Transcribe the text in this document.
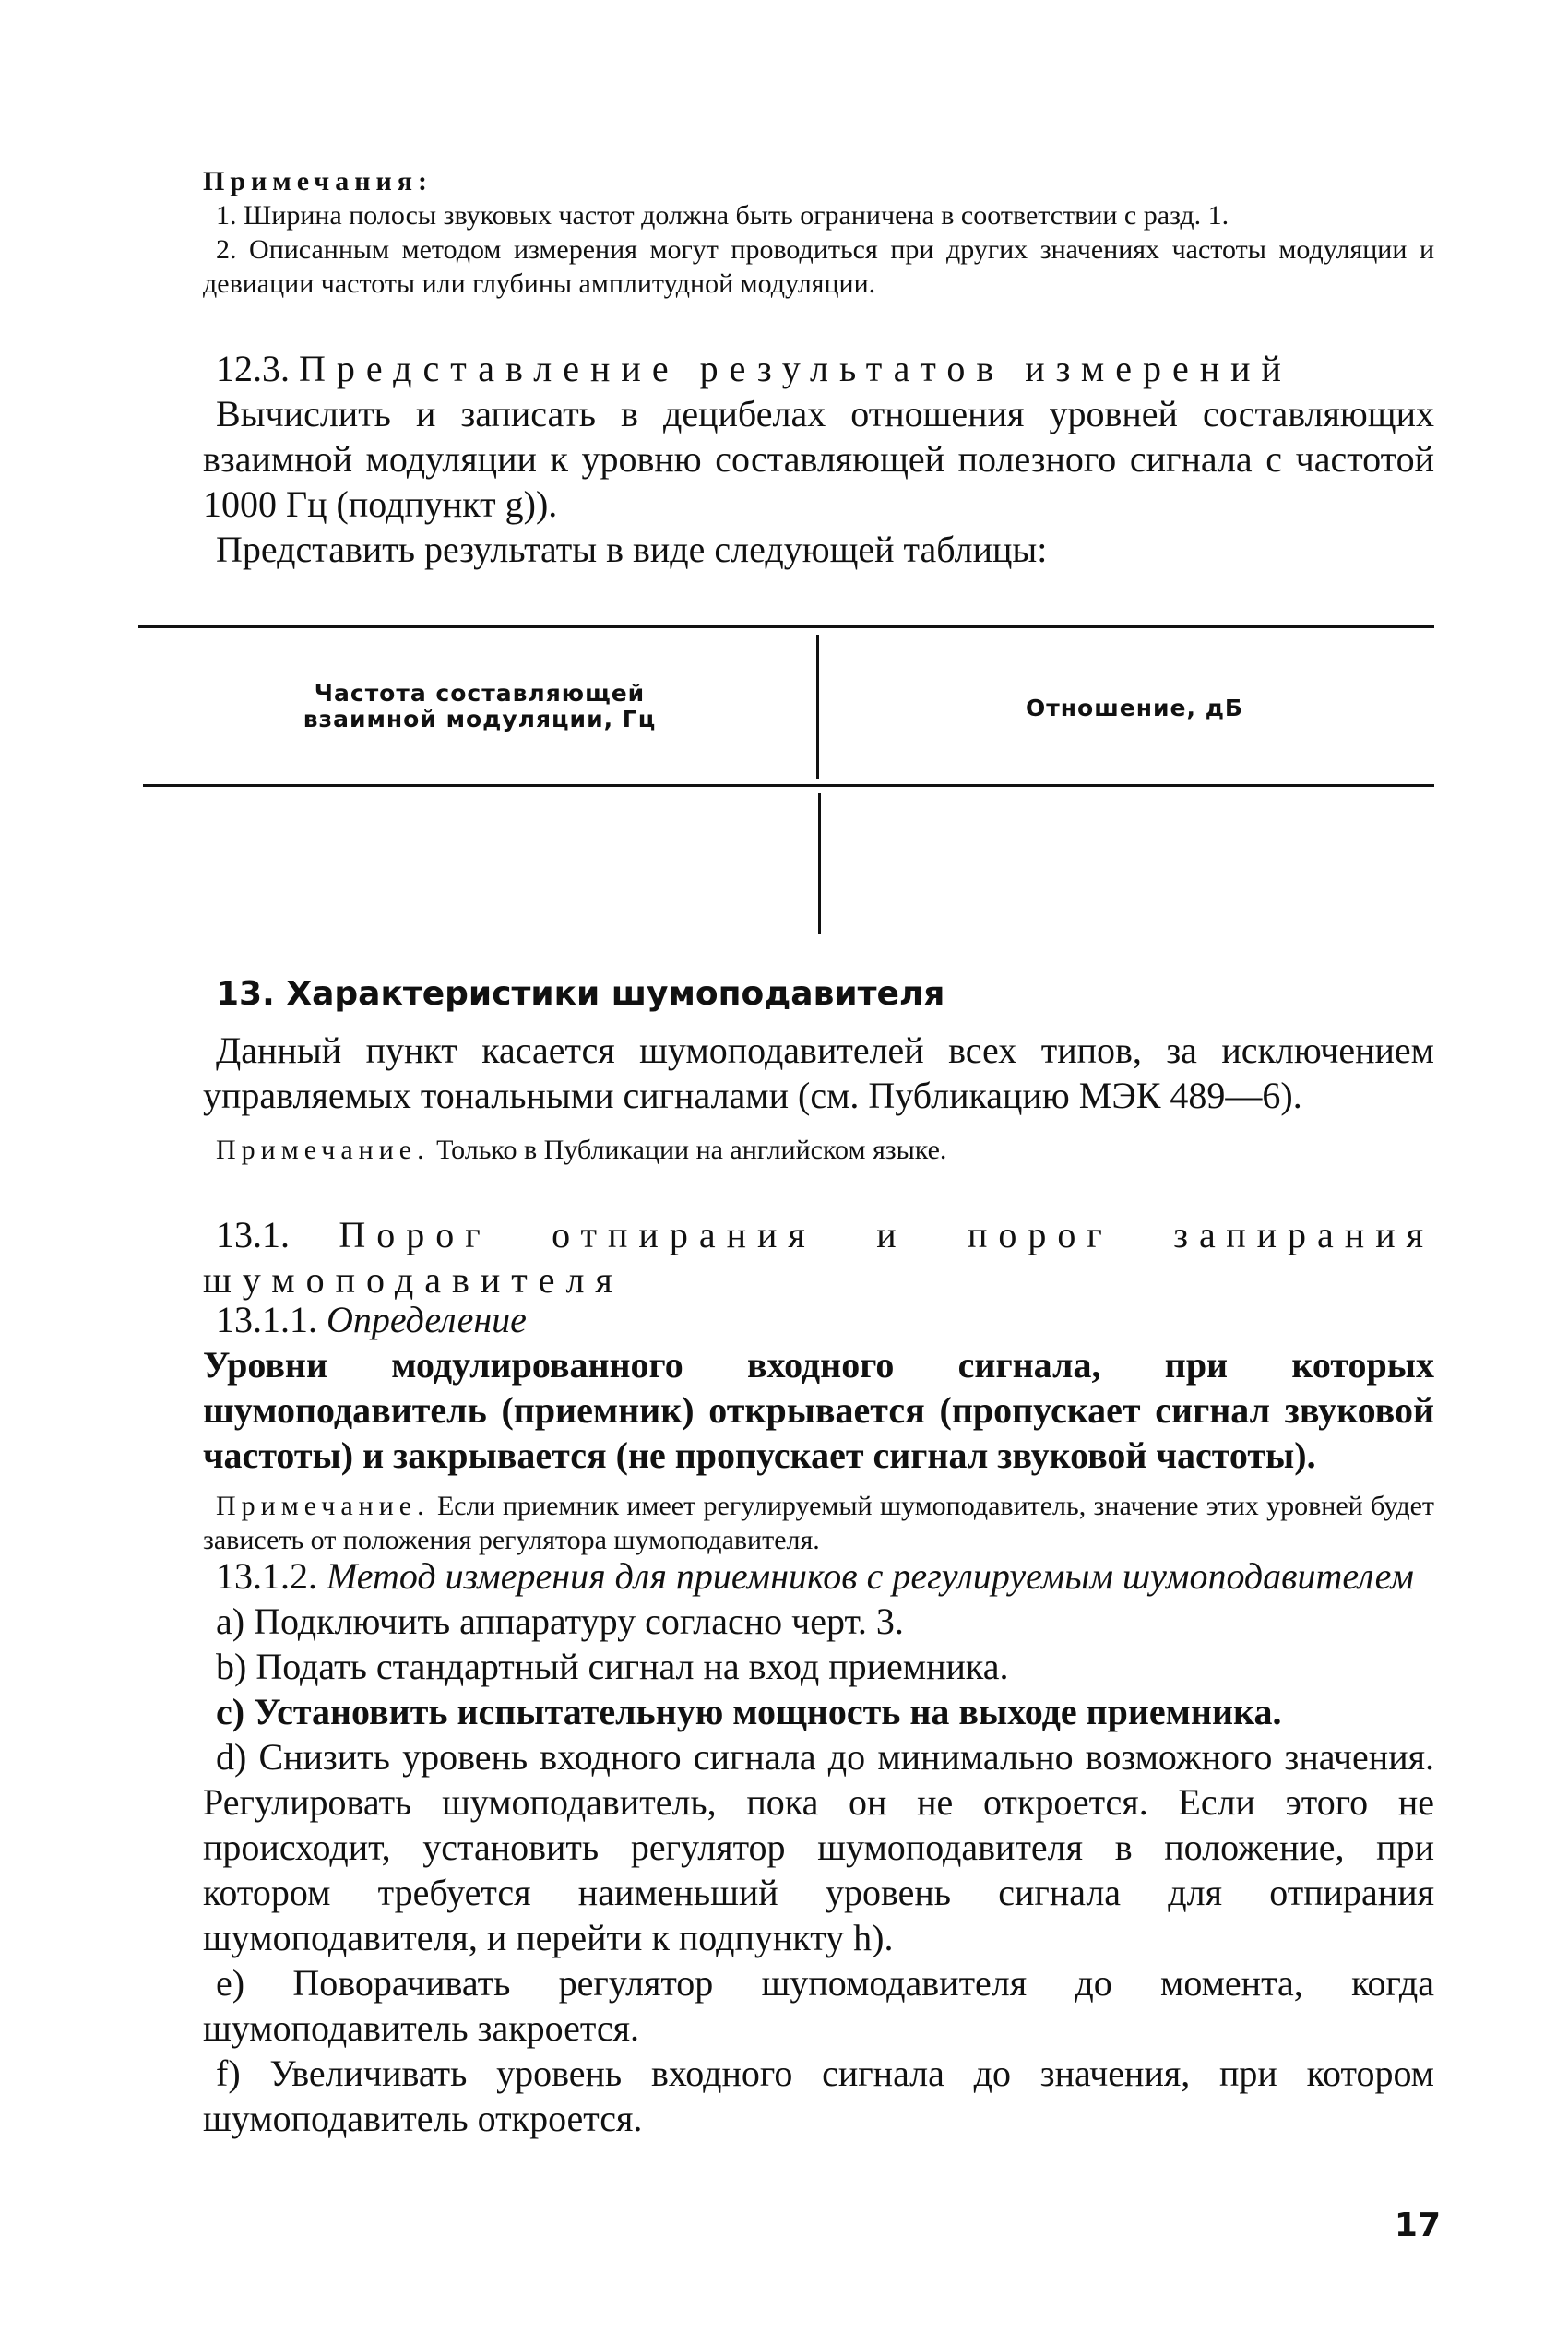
Примечания:

1. Ширина полосы звуковых частот должна быть ограничена в соответствии с разд. 1.

2. Описанным методом измерения могут проводиться при других значениях частоты модуляции и девиации частоты или глубины амплитудной модуляции.

12.3. Представление результатов измерений

Вычислить и записать в децибелах отношения уровней составляющих взаимной модуляции к уровню составляющей полезного сигнала с частотой 1000 Гц (подпункт g)).

Представить результаты в виде следующей таблицы:

Частота составляющей взаимной модуляции, Гц	Отношение, дБ

13. Характеристики шумоподавителя

Данный пункт касается шумоподавителей всех типов, за исключением управляемых тональными сигналами (см. Публикацию МЭК 489—6).

Примечание. Только в Публикации на английском языке.

13.1. Порог отпирания и порог запирания шумоподавителя

13.1.1. Определение

Уровни модулированного входного сигнала, при которых шумоподавитель (приемник) открывается (пропускает сигнал звуковой частоты) и закрывается (не пропускает сигнал звуковой частоты).

Примечание. Если приемник имеет регулируемый шумоподавитель, значение этих уровней будет зависеть от положения регулятора шумоподавителя.

13.1.2. Метод измерения для приемников с регулируемым шумоподавителем

a) Подключить аппаратуру согласно черт. 3.

b) Подать стандартный сигнал на вход приемника.

c) Установить испытательную мощность на выходе приемника.

d) Снизить уровень входного сигнала до минимально возможного значения. Регулировать шумоподавитель, пока он не откроется. Если этого не происходит, установить регулятор шумоподавителя в положение, при котором требуется наименьший уровень сигнала для отпирания шумоподавителя, и перейти к подпункту h).

e) Поворачивать регулятор шупомодавителя до момента, когда шумоподавитель закроется.

f) Увеличивать уровень входного сигнала до значения, при котором шумоподавитель откроется.

17
